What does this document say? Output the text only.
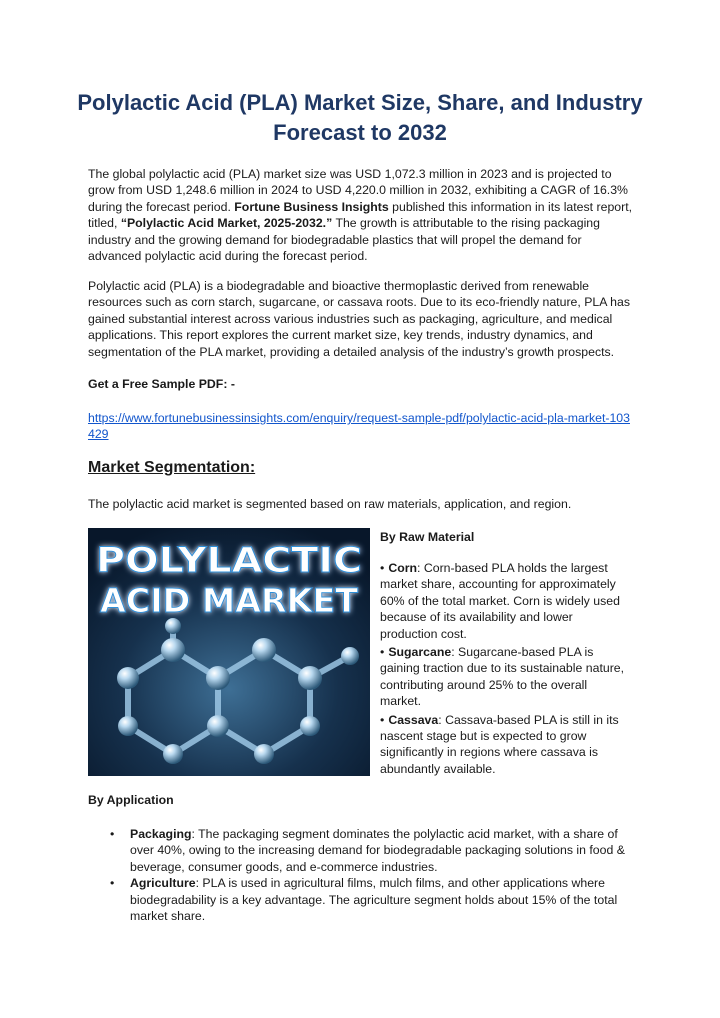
Polylactic Acid (PLA) Market Size, Share, and Industry Forecast to 2032

The global polylactic acid (PLA) market size was USD 1,072.3 million in 2023 and is projected to grow from USD 1,248.6 million in 2024 to USD 4,220.0 million in 2032, exhibiting a CAGR of 16.3% during the forecast period. Fortune Business Insights published this information in its latest report, titled, “Polylactic Acid Market, 2025-2032.” The growth is attributable to the rising packaging industry and the growing demand for biodegradable plastics that will propel the demand for advanced polylactic acid during the forecast period.

Polylactic acid (PLA) is a biodegradable and bioactive thermoplastic derived from renewable resources such as corn starch, sugarcane, or cassava roots. Due to its eco-friendly nature, PLA has gained substantial interest across various industries such as packaging, agriculture, and medical applications. This report explores the current market size, key trends, industry dynamics, and segmentation of the PLA market, providing a detailed analysis of the industry’s growth prospects.

Get a Free Sample PDF: -

https://www.fortunebusinessinsights.com/enquiry/request-sample-pdf/polylactic-acid-pla-market-103429
Market Segmentation:

The polylactic acid market is segmented based on raw materials, application, and region.

POLYLACTIC
ACID MARKET

By Raw Material

• Corn: Corn-based PLA holds the largest market share, accounting for approximately 60% of the total market. Corn is widely used because of its availability and lower production cost.

• Sugarcane: Sugarcane-based PLA is gaining traction due to its sustainable nature, contributing around 25% to the overall market.

• Cassava: Cassava-based PLA is still in its nascent stage but is expected to grow significantly in regions where cassava is abundantly available.

By Application

• Packaging: The packaging segment dominates the polylactic acid market, with a share of over 40%, owing to the increasing demand for biodegradable packaging solutions in food & beverage, consumer goods, and e-commerce industries.
• Agriculture: PLA is used in agricultural films, mulch films, and other applications where biodegradability is a key advantage. The agriculture segment holds about 15% of the total market share.
